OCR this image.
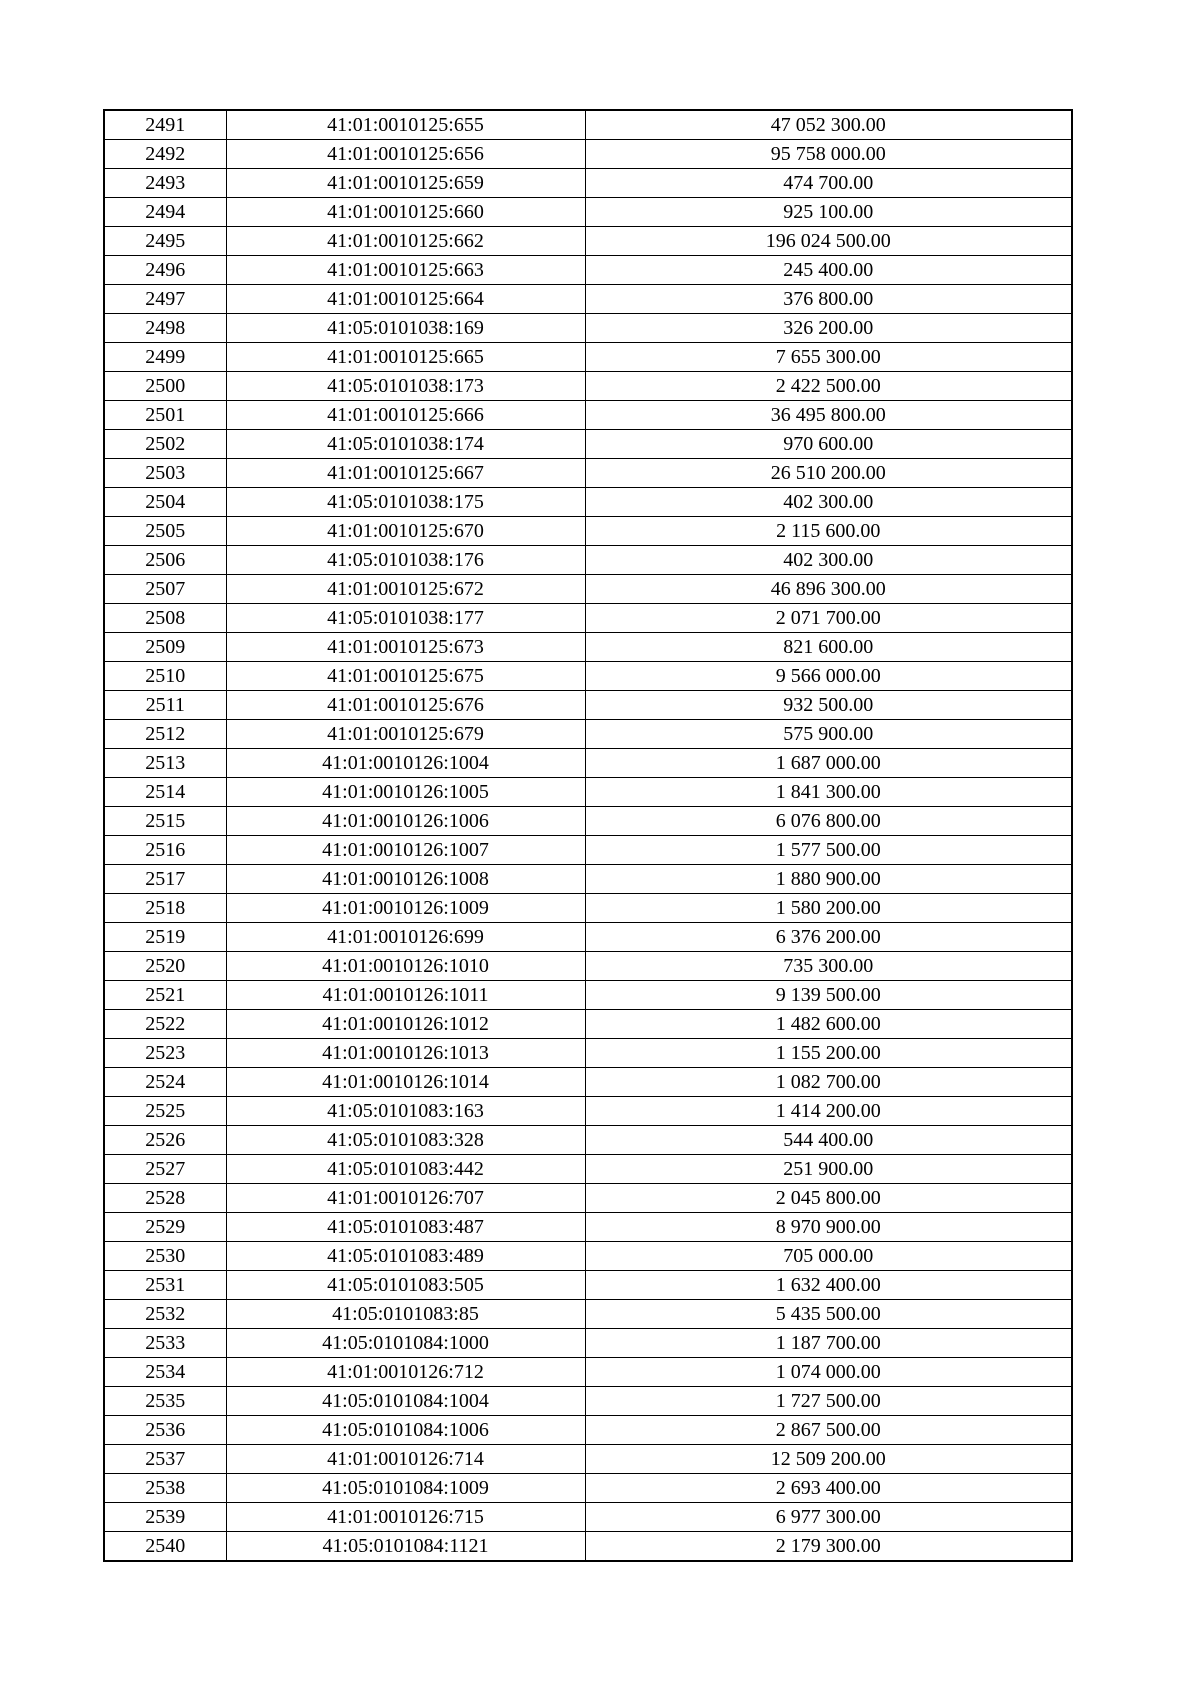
2491	41:01:0010125:655	47 052 300.00
2492	41:01:0010125:656	95 758 000.00
2493	41:01:0010125:659	474 700.00
2494	41:01:0010125:660	925 100.00
2495	41:01:0010125:662	196 024 500.00
2496	41:01:0010125:663	245 400.00
2497	41:01:0010125:664	376 800.00
2498	41:05:0101038:169	326 200.00
2499	41:01:0010125:665	7 655 300.00
2500	41:05:0101038:173	2 422 500.00
2501	41:01:0010125:666	36 495 800.00
2502	41:05:0101038:174	970 600.00
2503	41:01:0010125:667	26 510 200.00
2504	41:05:0101038:175	402 300.00
2505	41:01:0010125:670	2 115 600.00
2506	41:05:0101038:176	402 300.00
2507	41:01:0010125:672	46 896 300.00
2508	41:05:0101038:177	2 071 700.00
2509	41:01:0010125:673	821 600.00
2510	41:01:0010125:675	9 566 000.00
2511	41:01:0010125:676	932 500.00
2512	41:01:0010125:679	575 900.00
2513	41:01:0010126:1004	1 687 000.00
2514	41:01:0010126:1005	1 841 300.00
2515	41:01:0010126:1006	6 076 800.00
2516	41:01:0010126:1007	1 577 500.00
2517	41:01:0010126:1008	1 880 900.00
2518	41:01:0010126:1009	1 580 200.00
2519	41:01:0010126:699	6 376 200.00
2520	41:01:0010126:1010	735 300.00
2521	41:01:0010126:1011	9 139 500.00
2522	41:01:0010126:1012	1 482 600.00
2523	41:01:0010126:1013	1 155 200.00
2524	41:01:0010126:1014	1 082 700.00
2525	41:05:0101083:163	1 414 200.00
2526	41:05:0101083:328	544 400.00
2527	41:05:0101083:442	251 900.00
2528	41:01:0010126:707	2 045 800.00
2529	41:05:0101083:487	8 970 900.00
2530	41:05:0101083:489	705 000.00
2531	41:05:0101083:505	1 632 400.00
2532	41:05:0101083:85	5 435 500.00
2533	41:05:0101084:1000	1 187 700.00
2534	41:01:0010126:712	1 074 000.00
2535	41:05:0101084:1004	1 727 500.00
2536	41:05:0101084:1006	2 867 500.00
2537	41:01:0010126:714	12 509 200.00
2538	41:05:0101084:1009	2 693 400.00
2539	41:01:0010126:715	6 977 300.00
2540	41:05:0101084:1121	2 179 300.00
